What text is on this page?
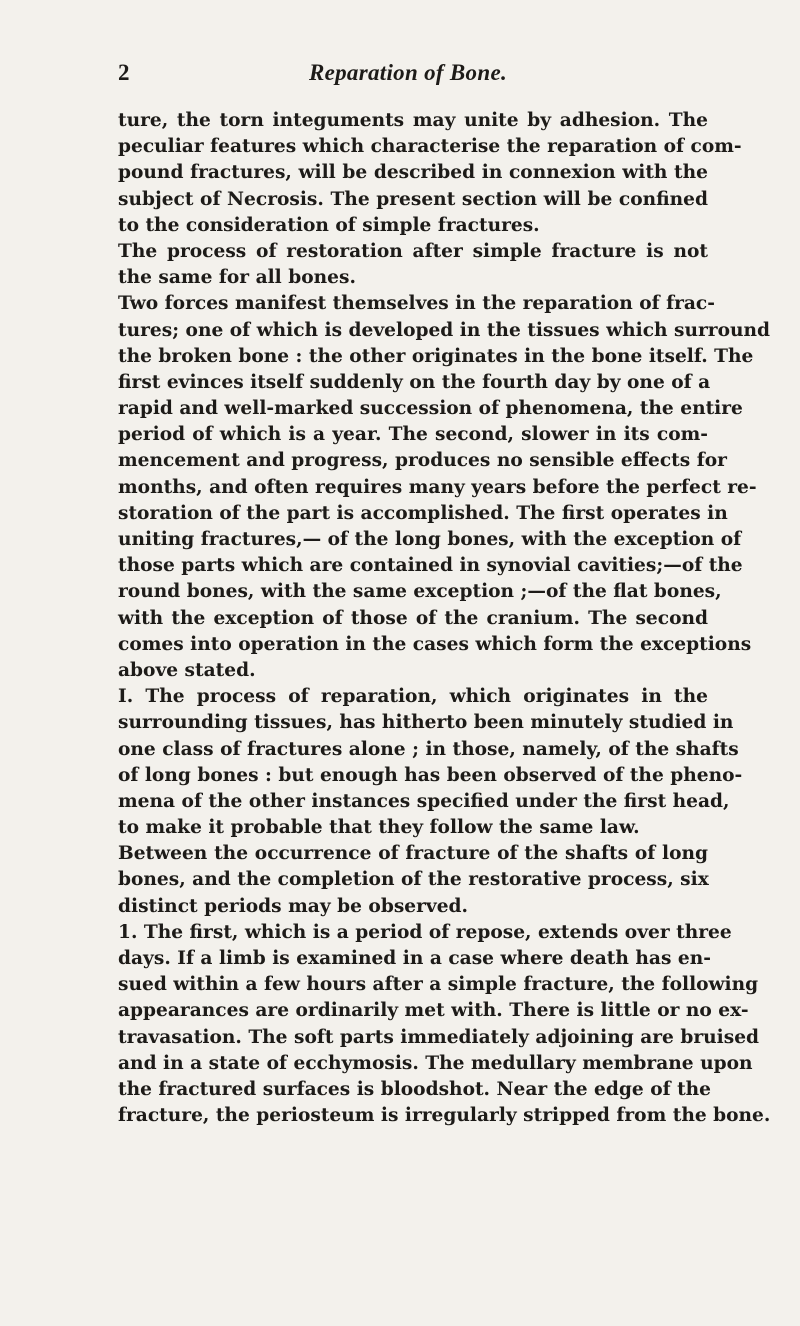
2	Reparation of Bone.
ture, the torn integuments may unite by adhesion. The
peculiar features which characterise the reparation of com-
pound fractures, will be described in connexion with the
subject of Necrosis. The present section will be confined
to the consideration of simple fractures.
The process of restoration after simple fracture is not
the same for all bones.
Two forces manifest themselves in the reparation of frac-
tures; one of which is developed in the tissues which surround
the broken bone : the other originates in the bone itself. The
first evinces itself suddenly on the fourth day by one of a
rapid and well-marked succession of phenomena, the entire
period of which is a year. The second, slower in its com-
mencement and progress, produces no sensible effects for
months, and often requires many years before the perfect re-
storation of the part is accomplished. The first operates in
uniting fractures,— of the long bones, with the exception of
those parts which are contained in synovial cavities;—of the
round bones, with the same exception ;—of the flat bones,
with the exception of those of the cranium. The second
comes into operation in the cases which form the exceptions
above stated.
I. The process of reparation, which originates in the
surrounding tissues, has hitherto been minutely studied in
one class of fractures alone ; in those, namely, of the shafts
of long bones : but enough has been observed of the pheno-
mena of the other instances specified under the first head,
to make it probable that they follow the same law.
Between the occurrence of fracture of the shafts of long
bones, and the completion of the restorative process, six
distinct periods may be observed.
1. The first, which is a period of repose, extends over three
days. If a limb is examined in a case where death has en-
sued within a few hours after a simple fracture, the following
appearances are ordinarily met with. There is little or no ex-
travasation. The soft parts immediately adjoining are bruised
and in a state of ecchymosis. The medullary membrane upon
the fractured surfaces is bloodshot. Near the edge of the
fracture, the periosteum is irregularly stripped from the bone.
